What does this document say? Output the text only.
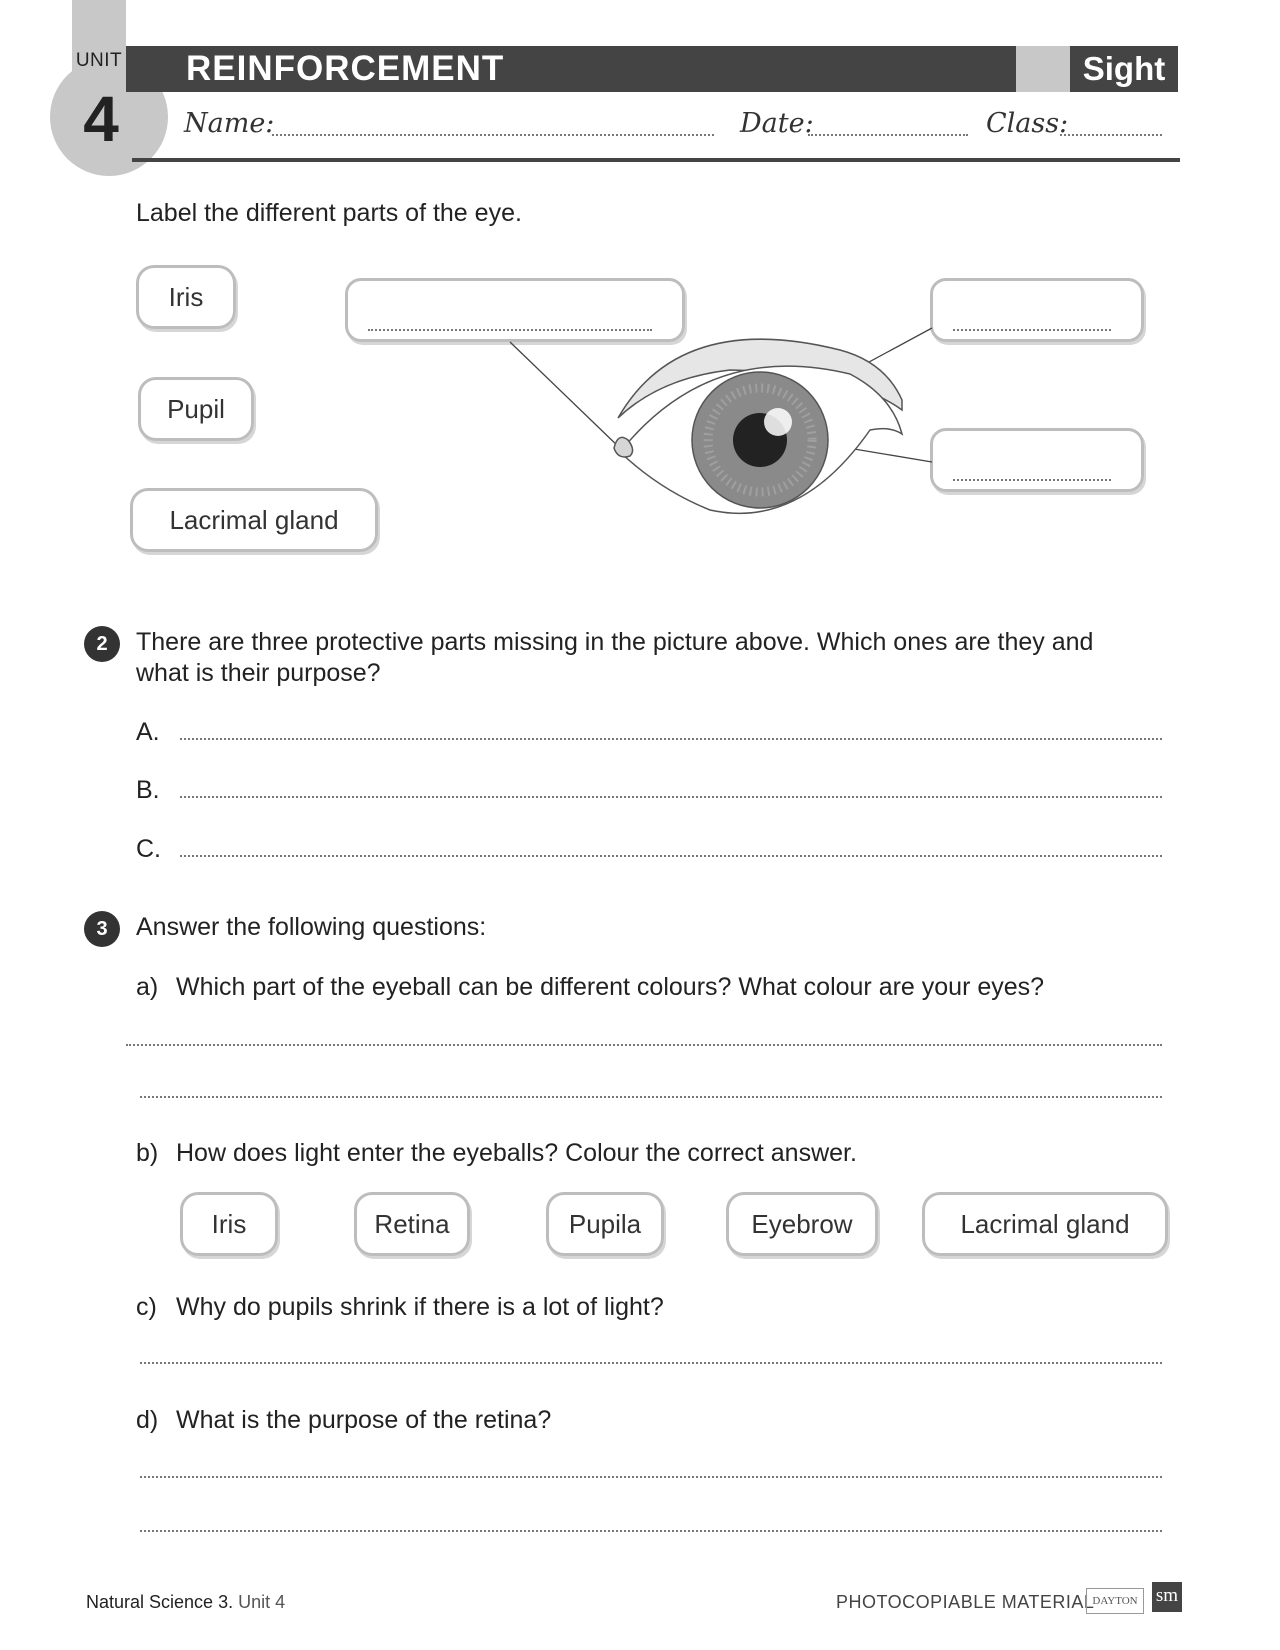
UNIT
4
REINFORCEMENT	Sight
Name:	Date:	Class:
Label the different parts of the eye.
Iris
Pupil
Lacrimal gland
2	There are three protective parts missing in the picture above. Which ones are they and
what is their purpose?
A.
B.
C.
3	Answer the following questions:
a) Which part of the eyeball can be different colours? What colour are your eyes?
b) How does light enter the eyeballs? Colour the correct answer.
Iris	Retina	Pupila	Eyebrow	Lacrimal gland
c) Why do pupils shrink if there is a lot of light?
d) What is the purpose of the retina?
Natural Science 3. Unit 4	PHOTOCOPIABLE MATERIAL
DAYTON sm
